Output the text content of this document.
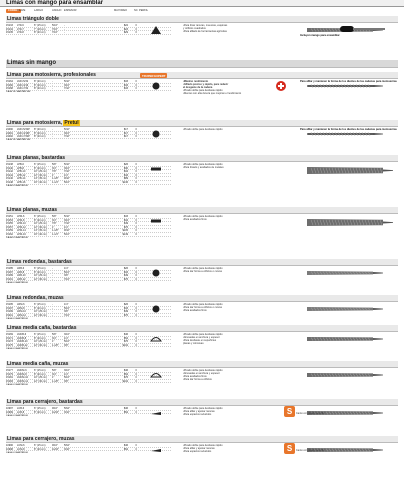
Limas con mango para ensamblar
CÓDIGO
CLAVE	LARGO	ANCHO ESPESOR	MAYOREO	NC PERFIL
Limas triángulo doble
15133	LTD-6	6" (15 cm)	5/16"	-	$22	3
15134	LTD-7	7" (18 cm)	7/16"	-	$23	3
15135	LTD-8	8" (20 cm)	7/16"	-	$29	3
•Para limar ranuras, muescas, esquinas
y orificios cuadrados
•Para afilado de herramientas agrícolas
Incluyen mango para ensamblar
Limas sin mango
Limas para motosierra, profesionales	TRUPER EXPERT
15164	LMO-5/32	8" (20 cm)	-	5/32"	$33	3
15166	LMO-3/16	8" (20 cm)	-	3/16"	$33	3
15168	LMO-7/32	8" (20 cm)	-	7/32"	$33	3
CAJA 12 / MASTER 300
•Máximo rendimiento
•Afilado preciso y rápido, para reducir
el desgaste de la cadena
•Picado doble para desbaste rápido
•Dientes con alta dureza que mejoran el rendimiento
Para afilar y mantener la forma de los dientes de las cadenas para motosierras
Limas para motosierra, Pretul
24490	LMO-5/32P	8" (20 cm)	-	5/32"	$17	3
24491	LMO-3/16P	8" (20 cm)	-	3/16"	$17	3
24492	LMO-7/32P	8" (20 cm)	-	7/32"	$17	3
CAJA 12 / MASTER 300
•Picado doble para desbaste rápido	Para afilar y mantener la forma de los dientes de las cadenas para motosierras
Limas planas, bastardas
15138	LPB-6	6" (15 cm)	5/8"	5/32"	$26	3
15140	LPB-8	8" (20 cm)	3/4"	3/16"	$30	3
15142	LPB-10	10" (25 cm)	7/8"	7/32"	$34	3
15144	LPB-12	12" (30 cm)	1"	1/4"	$43	3
15146	LPB-14	14" (35 cm)	1-1/8"	9/32"	$89	3
15148	LPB-16	16" (40 cm)	1-1/4"	5/16"	$136	3
CAJA 6 / MASTER 60
•Picado doble para desbaste rápido
•Para limado y acabados de metales
Limas planas, muzas
15151	LPM-6	6" (15 cm)	5/8"	5/32"	$33	3
15153	LPM-8	8" (20 cm)	3/4"	3/16"	$34	3
15155	LPM-10	10" (25 cm)	7/8"	7/32"	$49	3
15157	LPM-12	12" (30 cm)	1"	1/4"	$76	3
15159	LPM-14	14" (35 cm)	1-1/8"	9/32"	$105	3
15162	LPM-16	16" (40 cm)	1-1/4"	5/16"	$149	3
CAJA 6 / MASTER 60
•Picado doble para desbaste rápido
•Para acabados finos
Limas redondas, bastardas
15185	LRB-6	6" (15 cm)	-	1/4"	$26	3
15187	LRB-8	8" (20 cm)	-	5/16"	$33	3
15189	LRB-10	10" (25 cm)	-	3/8"	$49	3
15191	LRB-12	12" (30 cm)	-	7/16"	$76	3
CAJA 6 / MASTER 60
•Picado doble para desbaste rápido
•Para dar forma a orificios o curvas
Limas redondas, muzas
15195	LRM-6	6" (15 cm)	-	1/4"	$26	3
15197	LRM-8	8" (20 cm)	-	5/16"	$33	3
15199	LRM-10	10" (25 cm)	-	3/8"	$49	3
15201	LRM-12	12" (30 cm)	-	7/16"	$76	3
CAJA 6 / MASTER 60
•Picado doble para desbaste rápido
•Para dar forma a orificios o curvas
•Para acabados finos
Limas media caña, bastardas
15169	LMCB-6	6" (15 cm)	5/8"	3/16"	$46	3
15171	LMCB-8	8" (20 cm)	3/4"	1/4"	$54	3
15173	LMCB-10	10" (25 cm)	1"	5/16"	$76	3
15175	LMCB-12	12" (30 cm)	1-1/8"	3/8"	$102	3
CAJA 6 / MASTER 60
•Picado doble para desbaste rápido
•Ahusadas en anchura y espesor
•Para desbaste en superficies
planas y cóncavas
Limas media caña, muzas
15177	LMCM-6	6" (15 cm)	5/8"	3/16"	$46	3
15179	LMCM-8	8" (20 cm)	3/4"	1/4"	$54	3
15181	LMCM-10	10" (25 cm)	1"	5/16"	$76	3
15183	LMCM-12	12" (30 cm)	1-1/8"	3/8"	$102	3
CAJA 6 / MASTER 60
•Picado doble para desbaste rápido
•Ahusadas en anchura y espesor
•Para acabados finos
•Para dar forma a orificios
Limas para cerrajero, bastardas
10997	LCB-6	6" (15 cm)	9/16"	5/64"	$46	3
10999	LCB-8	8" (20 cm)	11/16"	3/32"	$54	3
CAJA 6 / MASTER 60
•Picado doble para desbaste rápido
•Para afilar y ajustar ranuras
•Para espacios reducidos	S	Canto con picado sencillo
Limas para cerrajero, muzas
10996	LCM-6	6" (15 cm)	9/16"	5/64"	$46	3
10998	LCM-8	8" (20 cm)	11/16"	3/32"	$54	3
CAJA 6 / MASTER 60
•Picado doble para desbaste rápido
•Para afilar y ajustar ranuras
•Para espacios reducidos	S	Canto con picado sencillo
